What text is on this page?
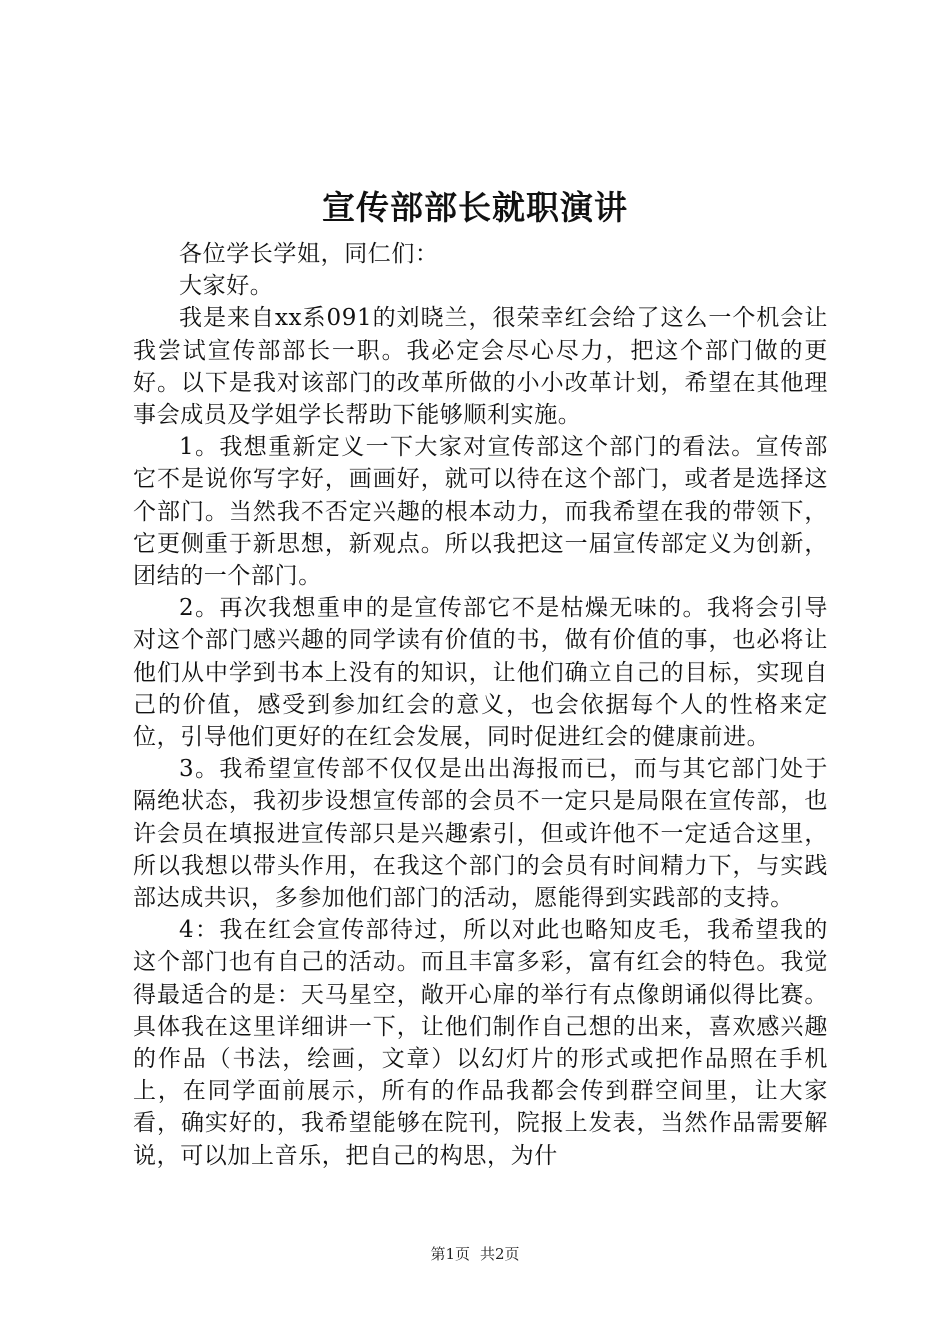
宣传部部长就职演讲

各位学长学姐，同仁们：

大家好。

我是来自xx系091的刘晓兰，很荣幸红会给了这么一个机会让我尝试宣传部部长一职。我必定会尽心尽力，把这个部门做的更好。以下是我对该部门的改革所做的小小改革计划，希望在其他理事会成员及学姐学长帮助下能够顺利实施。

1。我想重新定义一下大家对宣传部这个部门的看法。宣传部它不是说你写字好，画画好，就可以待在这个部门，或者是选择这个部门。当然我不否定兴趣的根本动力，而我希望在我的带领下，它更侧重于新思想，新观点。所以我把这一届宣传部定义为创新，团结的一个部门。

2。再次我想重申的是宣传部它不是枯燥无味的。我将会引导对这个部门感兴趣的同学读有价值的书，做有价值的事，也必将让他们从中学到书本上没有的知识，让他们确立自己的目标，实现自己的价值，感受到参加红会的意义，也会依据每个人的性格来定位，引导他们更好的在红会发展，同时促进红会的健康前进。

3。我希望宣传部不仅仅是出出海报而已，而与其它部门处于隔绝状态，我初步设想宣传部的会员不一定只是局限在宣传部，也许会员在填报进宣传部只是兴趣索引，但或许他不一定适合这里，所以我想以带头作用，在我这个部门的会员有时间精力下，与实践部达成共识，多参加他们部门的活动，愿能得到实践部的支持。

4：我在红会宣传部待过，所以对此也略知皮毛，我希望我的这个部门也有自己的活动。而且丰富多彩，富有红会的特色。我觉得最适合的是：天马星空，敞开心扉的举行有点像朗诵似得比赛。具体我在这里详细讲一下，让他们制作自己想的出来，喜欢感兴趣的作品（书法，绘画，文章）以幻灯片的形式或把作品照在手机上，在同学面前展示，所有的作品我都会传到群空间里，让大家看，确实好的，我希望能够在院刊，院报上发表，当然作品需要解说，可以加上音乐，把自己的构思，为什

第1页 共2页
